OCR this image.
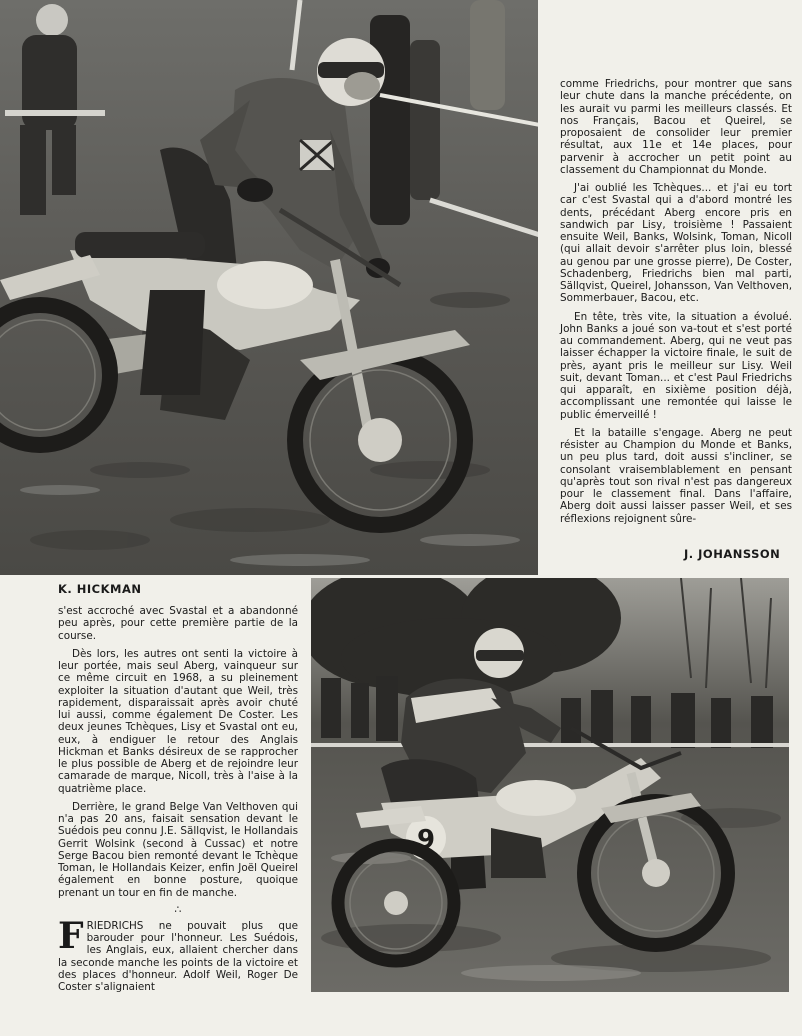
comme Friedrichs, pour montrer que sans leur chute dans la manche précédente, on les aurait vu parmi les meilleurs classés. Et nos Français, Bacou et Queirel, se proposaient de consolider leur premier résultat, aux 11e et 14e places, pour parvenir à accrocher un petit point au classement du Championnat du Monde.

J'ai oublié les Tchèques... et j'ai eu tort car c'est Svastal qui a d'abord montré les dents, précédant Aberg encore pris en sandwich par Lisy, troisième ! Passaient ensuite Weil, Banks, Wolsink, Toman, Nicoll (qui allait devoir s'arrêter plus loin, blessé au genou par une grosse pierre), De Coster, Schadenberg, Friedrichs bien mal parti, Sällqvist, Queirel, Johansson, Van Velthoven, Sommerbauer, Bacou, etc.

En tête, très vite, la situation a évolué. John Banks a joué son va-tout et s'est porté au commandement. Aberg, qui ne veut pas laisser échapper la victoire finale, le suit de près, ayant pris le meilleur sur Lisy. Weil suit, devant Toman... et c'est Paul Friedrichs qui apparaît, en sixième position déjà, accomplissant une remontée qui laisse le public émerveillé !

Et la bataille s'engage. Aberg ne peut résister au Champion du Monde et Banks, un peu plus tard, doit aussi s'incliner, se consolant vraisemblablement en pensant qu'après tout son rival n'est pas dangereux pour le classement final. Dans l'affaire, Aberg doit aussi laisser passer Weil, et ses réflexions rejoignent sûre-

J. JOHANSSON
K. HICKMAN

s'est accroché avec Svastal et a abandonné peu après, pour cette première partie de la course.

Dès lors, les autres ont senti la victoire à leur portée, mais seul Aberg, vainqueur sur ce même circuit en 1968, a su pleinement exploiter la situation d'autant que Weil, très rapidement, disparaissait après avoir chuté lui aussi, comme également De Coster. Les deux jeunes Tchèques, Lisy et Svastal ont eu, eux, à endiguer le retour des Anglais Hickman et Banks désireux de se rapprocher le plus possible de Aberg et de rejoindre leur camarade de marque, Nicoll, très à l'aise à la quatrième place.

Derrière, le grand Belge Van Velthoven qui n'a pas 20 ans, faisait sensation devant le Suédois peu connu J.E. Sällqvist, le Hollandais Gerrit Wolsink (second à Cussac) et notre Serge Bacou bien remonté devant le Tchèque Toman, le Hollandais Keizer, enfin Joël Queirel également en bonne posture, quoique prenant un tour en fin de manche.

∴

FRIEDRICHS ne pouvait plus que barouder pour l'honneur. Les Suédois, les Anglais, eux, allaient chercher dans la seconde manche les points de la victoire et des places d'honneur. Adolf Weil, Roger De Coster s'alignaient

9
